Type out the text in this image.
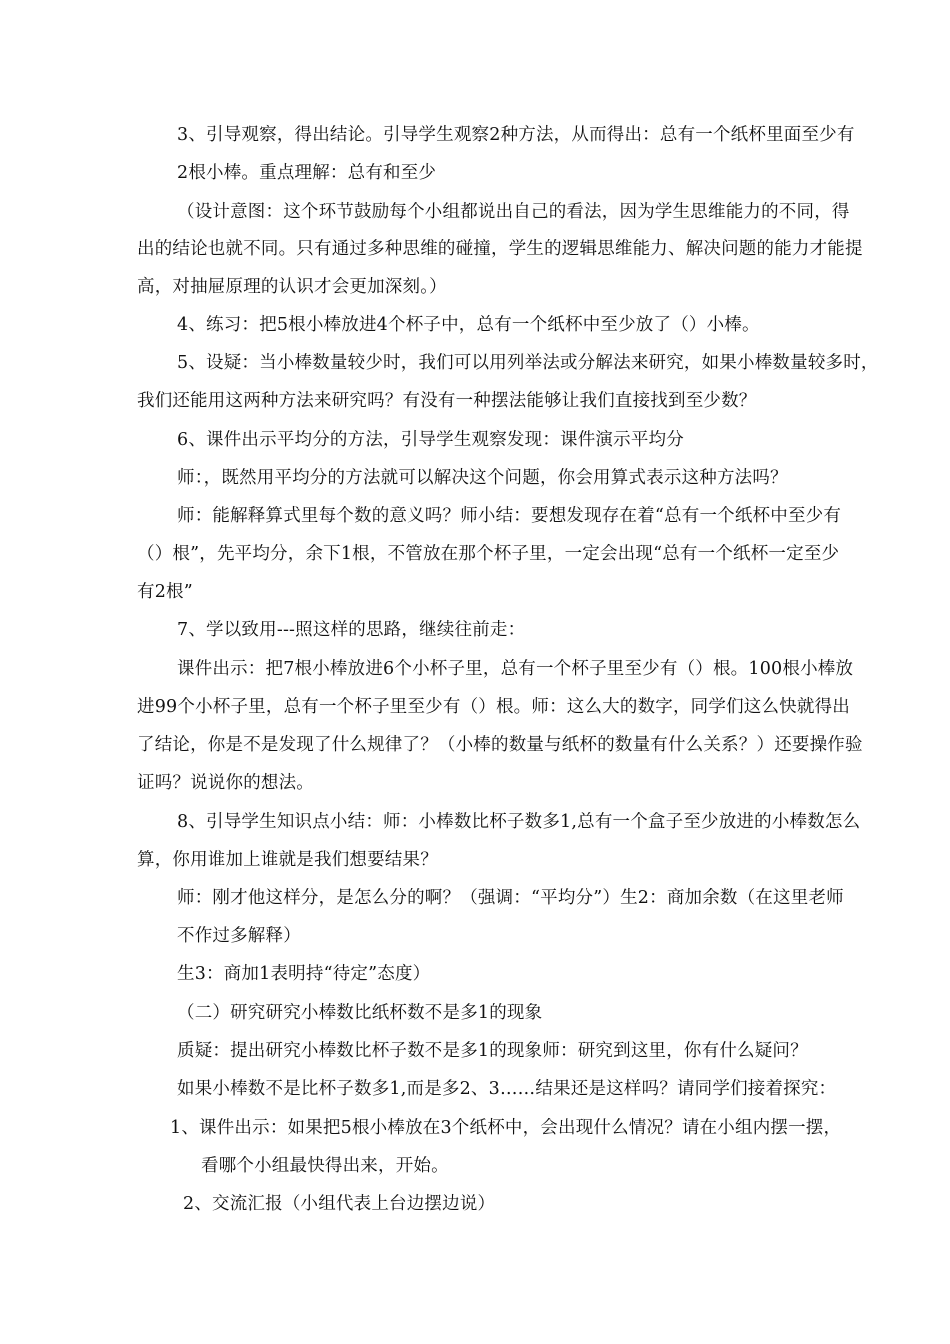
3、引导观察，得出结论。引导学生观察2种方法，从而得出：总有一个纸杯里面至少有
2根小棒。重点理解：总有和至少
（设计意图：这个环节鼓励每个小组都说出自己的看法，因为学生思维能力的不同，得
出的结论也就不同。只有通过多种思维的碰撞，学生的逻辑思维能力、解决问题的能力才能提
高，对抽屉原理的认识才会更加深刻。）
4、练习：把5根小棒放进4个杯子中，总有一个纸杯中至少放了（）小棒。
5、设疑：当小棒数量较少时，我们可以用列举法或分解法来研究，如果小棒数量较多时，
我们还能用这两种方法来研究吗？有没有一种摆法能够让我们直接找到至少数？
6、课件出示平均分的方法，引导学生观察发现：课件演示平均分
师：，既然用平均分的方法就可以解决这个问题，你会用算式表示这种方法吗？
师：能解释算式里每个数的意义吗？师小结：要想发现存在着“总有一个纸杯中至少有
（）根”，先平均分，余下1根，不管放在那个杯子里，一定会出现“总有一个纸杯一定至少
有2根”
7、学以致用---照这样的思路，继续往前走：
课件出示：把7根小棒放进6个小杯子里，总有一个杯子里至少有（）根。100根小棒放
进99个小杯子里，总有一个杯子里至少有（）根。师：这么大的数字，同学们这么快就得出
了结论，你是不是发现了什么规律了？（小棒的数量与纸杯的数量有什么关系？）还要操作验
证吗？说说你的想法。
8、引导学生知识点小结：师：小棒数比杯子数多1,总有一个盒子至少放进的小棒数怎么
算，你用谁加上谁就是我们想要结果？
师：刚才他这样分，是怎么分的啊？（强调：“平均分”）生2：商加余数（在这里老师
不作过多解释）
生3：商加1表明持“待定”态度）
（二）研究研究小棒数比纸杯数不是多1的现象
质疑：提出研究小棒数比杯子数不是多1的现象师：研究到这里，你有什么疑问？
如果小棒数不是比杯子数多1,而是多2、3……结果还是这样吗？请同学们接着探究：
1、课件出示：如果把5根小棒放在3个纸杯中，会出现什么情况？请在小组内摆一摆，
看哪个小组最快得出来，开始。
2、交流汇报（小组代表上台边摆边说）
